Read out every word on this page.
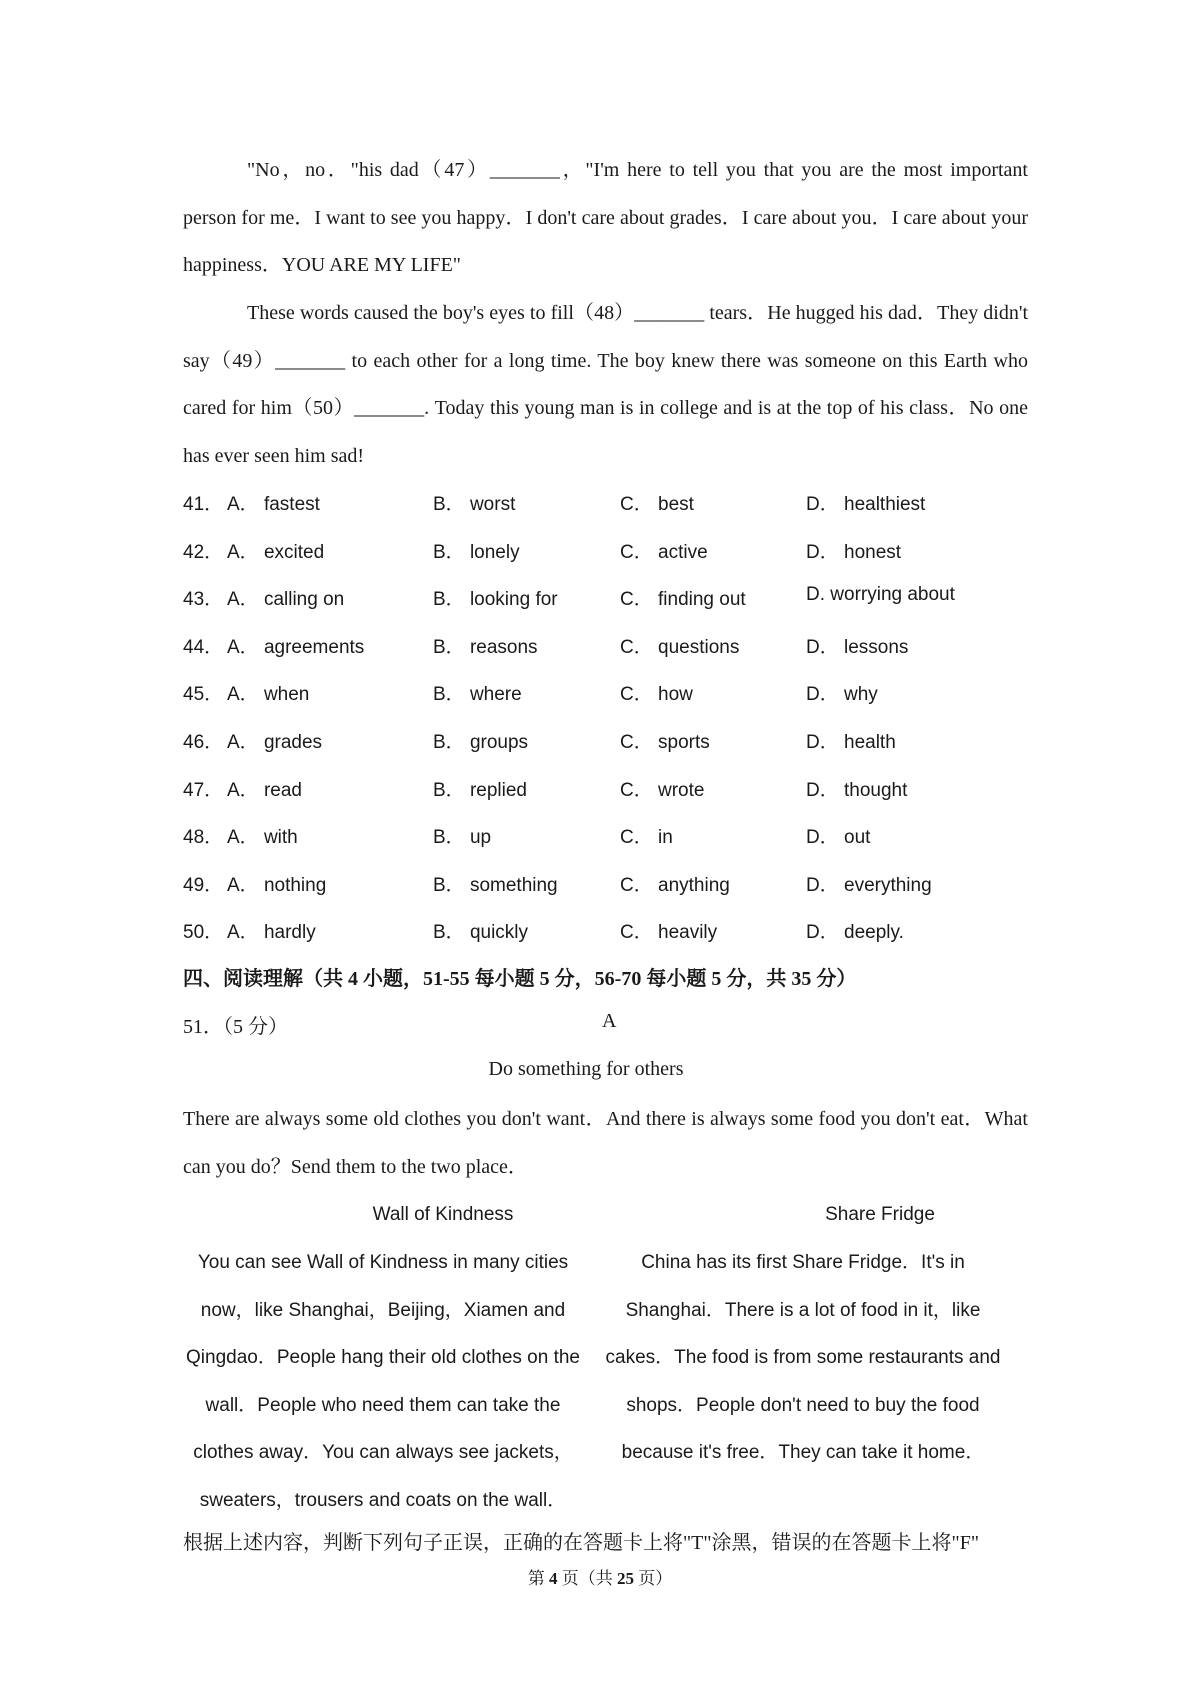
"No，no．"his dad（47）_______，"I'm here to tell you that you are the most important person for me．I want to see you happy．I don't care about grades．I care about you．I care about your happiness．YOU ARE MY LIFE"
These words caused the boy's eyes to fill（48）_______ tears．He hugged his dad．They didn't say（49）_______ to each other for a long time. The boy knew there was someone on this Earth who cared for him（50）_______. Today this young man is in college and is at the top of his class．No one has ever seen him sad!
41． A． fastest	B． worst	C． best	D． healthiest
42． A． excited	B． lonely	C． active	D． honest
43． A． calling on	B． looking for	C． finding out	D. worrying about
44． A． agreements	B． reasons	C． questions	D． lessons
45． A． when	B． where	C． how	D． why
46． A． grades	B． groups	C． sports	D． health
47． A． read	B． replied	C． wrote	D． thought
48． A． with	B． up	C． in	D． out
49． A． nothing	B． something	C． anything	D． everything
50． A． hardly	B． quickly	C． heavily	D． deeply.
四、阅读理解（共 4 小题，51-55 每小题 5 分，56-70 每小题 5 分，共 35 分）
51．（5 分）	A
Do something for others
There are always some old clothes you don't want．And there is always some food you don't eat．What can you do？Send them to the two place．
Wall of Kindness	Share Fridge
You can see Wall of Kindness in many cities
now，like Shanghai，Beijing，Xiamen and
Qingdao．People hang their old clothes on the
wall．People who need them can take the
clothes away．You can always see jackets，
sweaters，trousers and coats on the wall．
China has its first Share Fridge．It's in
Shanghai．There is a lot of food in it，like
cakes．The food is from some restaurants and
shops．People don't need to buy the food
because it's free．They can take it home．
根据上述内容，判断下列句子正误，正确的在答题卡上将"T"涂黑，错误的在答题卡上将"F"
第 4 页（共 25 页）
